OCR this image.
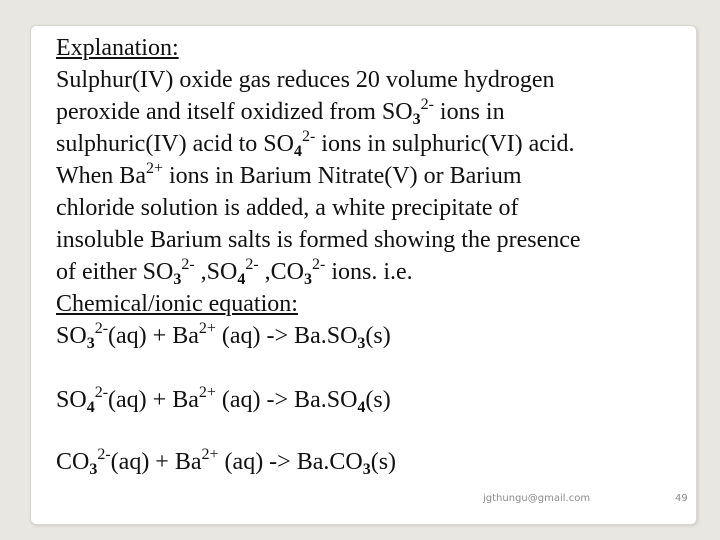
Explanation:
Sulphur(IV) oxide gas reduces 20 volume hydrogen
peroxide and itself oxidized from $SO_3^{2-}$ ions in
sulphuric(IV) acid to $SO_4^{2-}$ ions in sulphuric(VI) acid.
When $Ba^{2+}$ ions in Barium Nitrate(V) or Barium
chloride solution is added, a white precipitate of
insoluble Barium salts is formed showing the presence
of either $SO_3^{2-}$ $,SO_4^{2-}$ $,CO_3^{2-}$ ions. i.e.
Chemical/ionic equation:
$SO_3^{2-}(aq) + Ba^{2+}$ $(aq) -> Ba.SO_3(s)$
$SO_4^{2-}(aq) + Ba^{2+}$ $(aq) -> Ba.SO_4(s)$
$CO_3^{2-}(aq) + Ba^{2+}$ $(aq) -> Ba.CO_3(s)$
jgthungu@gmail.com	49
